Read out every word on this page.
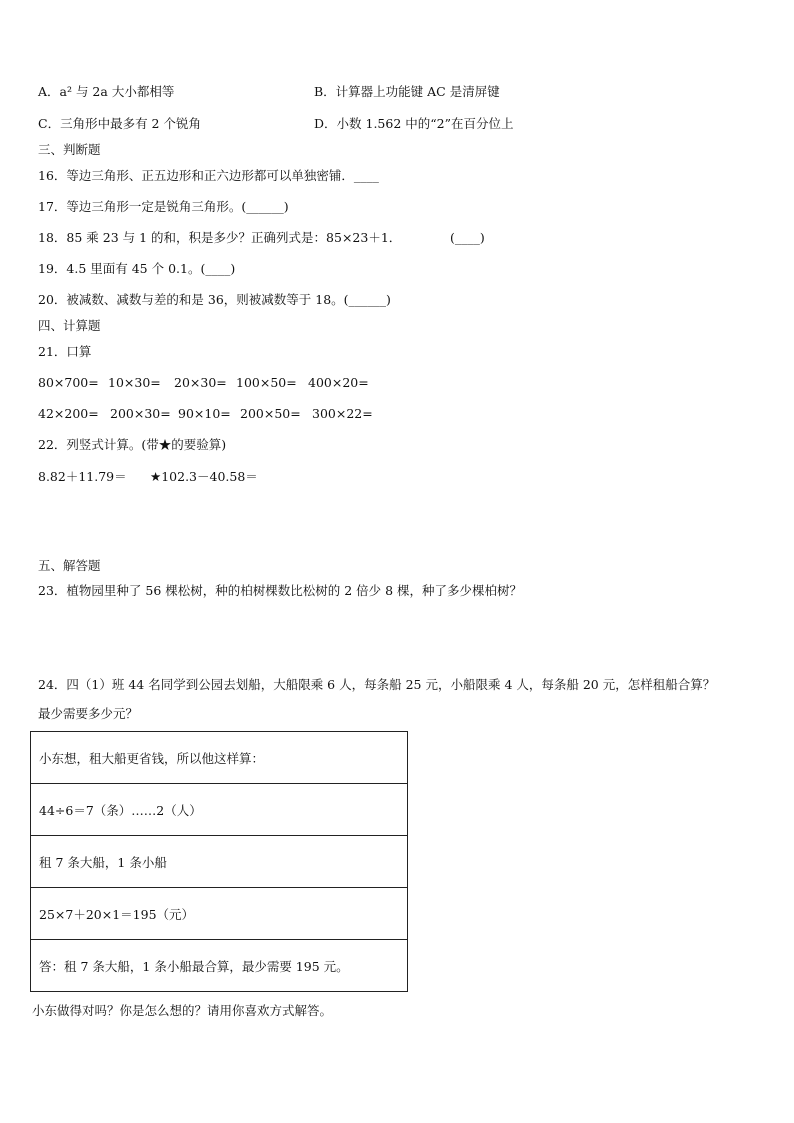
A．a² 与 2a 大小都相等	B．计算器上功能键 AC 是清屏键
C．三角形中最多有 2 个锐角	D．小数 1.562 中的“2”在百分位上
三、判断题
16．等边三角形、正五边形和正六边形都可以单独密铺．____
17．等边三角形一定是锐角三角形。(______)
18．85 乘 23 与 1 的和，积是多少？正确列式是：85×23＋1．	(____)
19．4.5 里面有 45 个 0.1。(____)
20．被减数、减数与差的和是 36，则被减数等于 18。(______)
四、计算题
21．口算
80×700= 10×30= 20×30= 100×50= 400×20=
42×200= 200×30= 90×10= 200×50= 300×22=
22．列竖式计算。(带★的要验算)
8.82＋11.79＝ ★102.3－40.58＝
五、解答题
23．植物园里种了 56 棵松树，种的柏树棵数比松树的 2 倍少 8 棵，种了多少棵柏树？
24．四（1）班 44 名同学到公园去划船，大船限乘 6 人，每条船 25 元，小船限乘 4 人，每条船 20 元，怎样租船合算？
最少需要多少元？
小东想，租大船更省钱，所以他这样算：
44÷6＝7（条）……2（人）
租 7 条大船，1 条小船
25×7＋20×1＝195（元）
答：租 7 条大船，1 条小船最合算，最少需要 195 元。
小东做得对吗？你是怎么想的？请用你喜欢方式解答。
